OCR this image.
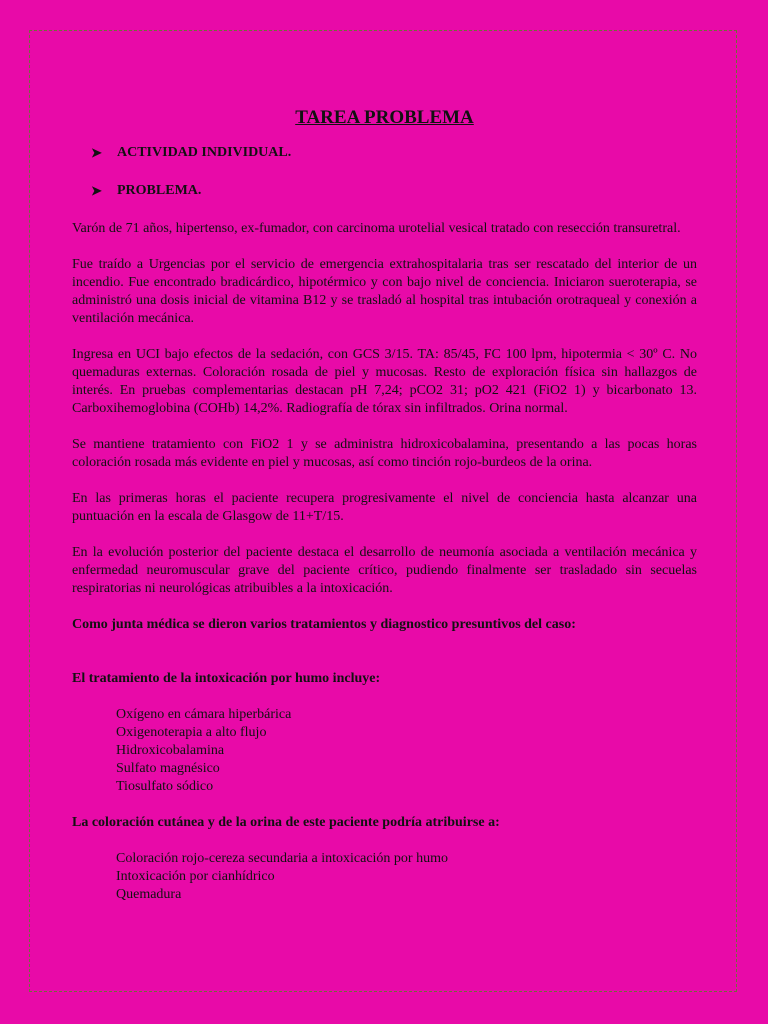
TAREA PROBLEMA
➤	ACTIVIDAD INDIVIDUAL.
➤	PROBLEMA.

Varón de 71 años, hipertenso, ex-fumador, con carcinoma urotelial vesical tratado con resección transuretral.

Fue traído a Urgencias por el servicio de emergencia extrahospitalaria tras ser rescatado del interior de un incendio. Fue encontrado bradicárdico, hipotérmico y con bajo nivel de conciencia. Iniciaron sueroterapia, se administró una dosis inicial de vitamina B12 y se trasladó al hospital tras intubación orotraqueal y conexión a ventilación mecánica.

Ingresa en UCI bajo efectos de la sedación, con GCS 3/15. TA: 85/45, FC 100 lpm, hipotermia < 30º C. No quemaduras externas. Coloración rosada de piel y mucosas. Resto de exploración física sin hallazgos de interés. En pruebas complementarias destacan pH 7,24; pCO2 31; pO2 421 (FiO2 1) y bicarbonato 13. Carboxihemoglobina (COHb) 14,2%. Radiografía de tórax sin infiltrados. Orina normal.

Se mantiene tratamiento con FiO2 1 y se administra hidroxicobalamina, presentando a las pocas horas coloración rosada más evidente en piel y mucosas, así como tinción rojo-burdeos de la orina.

En las primeras horas el paciente recupera progresivamente el nivel de conciencia hasta alcanzar una puntuación en la escala de Glasgow de 11+T/15.

En la evolución posterior del paciente destaca el desarrollo de neumonía asociada a ventilación mecánica y enfermedad neuromuscular grave del paciente crítico, pudiendo finalmente ser trasladado sin secuelas respiratorias ni neurológicas atribuibles a la intoxicación.

Como junta médica se dieron varios tratamientos y diagnostico presuntivos del caso:

El tratamiento de la intoxicación por humo incluye:

Oxígeno en cámara hiperbárica
Oxigenoterapia a alto flujo
Hidroxicobalamina
Sulfato magnésico
Tiosulfato sódico

La coloración cutánea y de la orina de este paciente podría atribuirse a:

Coloración rojo-cereza secundaria a intoxicación por humo
Intoxicación por cianhídrico
Quemadura
